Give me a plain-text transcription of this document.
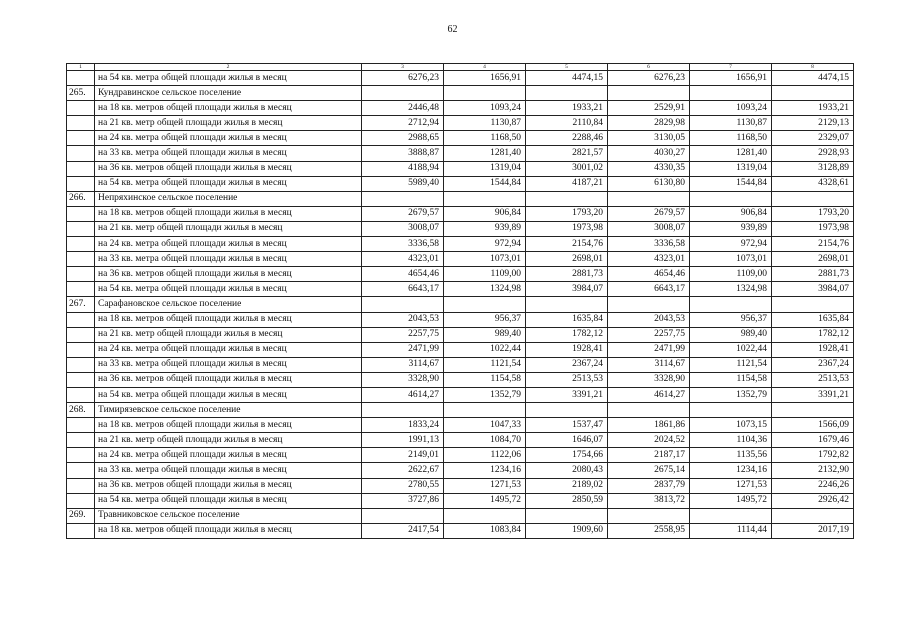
62
1	2	3	4	5	6	7	8
	на 54 кв. метра общей площади жилья в месяц	6276,23	1656,91	4474,15	6276,23	1656,91	4474,15
265.	Кундравинское сельское поселение						
	на 18 кв. метров общей площади жилья в месяц	2446,48	1093,24	1933,21	2529,91	1093,24	1933,21
	на 21 кв. метр общей площади жилья в месяц	2712,94	1130,87	2110,84	2829,98	1130,87	2129,13
	на 24 кв. метра общей площади жилья в месяц	2988,65	1168,50	2288,46	3130,05	1168,50	2329,07
	на 33 кв. метра общей площади жилья в месяц	3888,87	1281,40	2821,57	4030,27	1281,40	2928,93
	на 36 кв. метров общей площади жилья в месяц	4188,94	1319,04	3001,02	4330,35	1319,04	3128,89
	на 54 кв. метра общей площади жилья в месяц	5989,40	1544,84	4187,21	6130,80	1544,84	4328,61
266.	Непряхинское сельское поселение						
	на 18 кв. метров общей площади жилья в месяц	2679,57	906,84	1793,20	2679,57	906,84	1793,20
	на 21 кв. метр общей площади жилья в месяц	3008,07	939,89	1973,98	3008,07	939,89	1973,98
	на 24 кв. метра общей площади жилья в месяц	3336,58	972,94	2154,76	3336,58	972,94	2154,76
	на 33 кв. метра общей площади жилья в месяц	4323,01	1073,01	2698,01	4323,01	1073,01	2698,01
	на 36 кв. метров общей площади жилья в месяц	4654,46	1109,00	2881,73	4654,46	1109,00	2881,73
	на 54 кв. метра общей площади жилья в месяц	6643,17	1324,98	3984,07	6643,17	1324,98	3984,07
267.	Сарафановское сельское поселение						
	на 18 кв. метров общей площади жилья в месяц	2043,53	956,37	1635,84	2043,53	956,37	1635,84
	на 21 кв. метр общей площади жилья в месяц	2257,75	989,40	1782,12	2257,75	989,40	1782,12
	на 24 кв. метра общей площади жилья в месяц	2471,99	1022,44	1928,41	2471,99	1022,44	1928,41
	на 33 кв. метра общей площади жилья в месяц	3114,67	1121,54	2367,24	3114,67	1121,54	2367,24
	на 36 кв. метров общей площади жилья в месяц	3328,90	1154,58	2513,53	3328,90	1154,58	2513,53
	на 54 кв. метра общей площади жилья в месяц	4614,27	1352,79	3391,21	4614,27	1352,79	3391,21
268.	Тимирязевское сельское поселение						
	на 18 кв. метров общей площади жилья в месяц	1833,24	1047,33	1537,47	1861,86	1073,15	1566,09
	на 21 кв. метр общей площади жилья в месяц	1991,13	1084,70	1646,07	2024,52	1104,36	1679,46
	на 24 кв. метра общей площади жилья в месяц	2149,01	1122,06	1754,66	2187,17	1135,56	1792,82
	на 33 кв. метра общей площади жилья в месяц	2622,67	1234,16	2080,43	2675,14	1234,16	2132,90
	на 36 кв. метров общей площади жилья в месяц	2780,55	1271,53	2189,02	2837,79	1271,53	2246,26
	на 54 кв. метра общей площади жилья в месяц	3727,86	1495,72	2850,59	3813,72	1495,72	2926,42
269.	Травниковское сельское поселение						
	на 18 кв. метров общей площади жилья в месяц	2417,54	1083,84	1909,60	2558,95	1114,44	2017,19
